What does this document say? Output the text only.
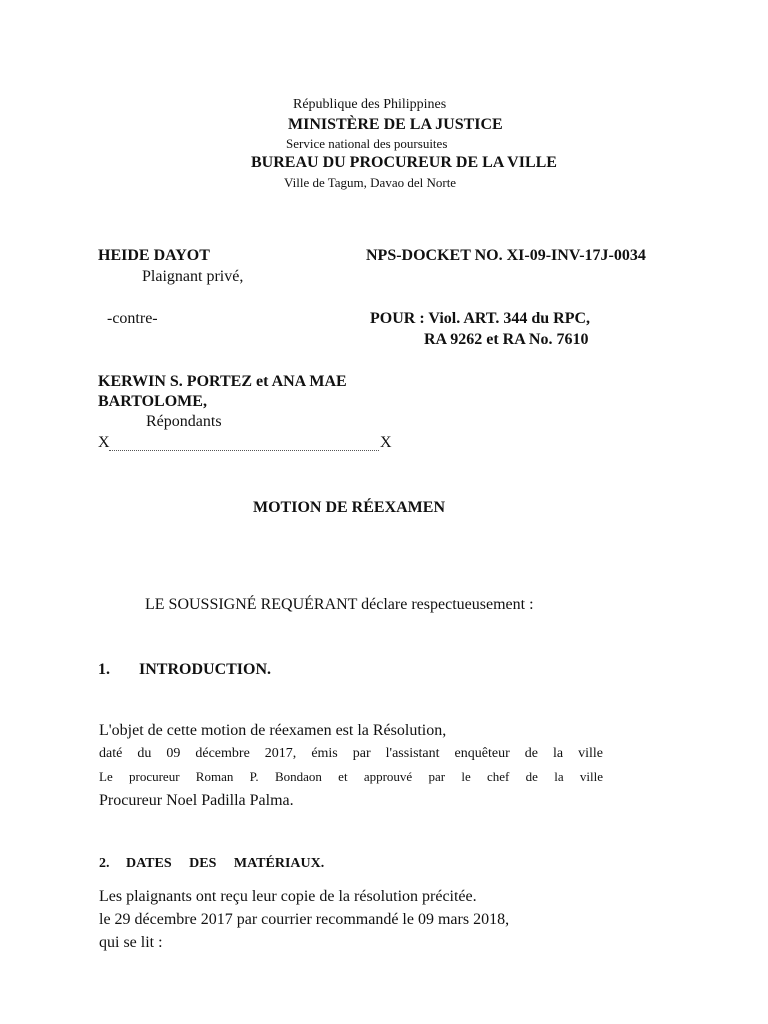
République des Philippines
MINISTÈRE DE LA JUSTICE
Service national des poursuites
BUREAU DU PROCUREUR DE LA VILLE
Ville de Tagum, Davao del Norte
HEIDE DAYOT	NPS-DOCKET NO. XI-09-INV-17J-0034
Plaignant privé,
-contre-	POUR : Viol. ART. 344 du RPC,
RA 9262 et RA No. 7610
KERWIN S. PORTEZ et ANA MAE
BARTOLOME,
Répondants
X	X
MOTION DE RÉEXAMEN
LE SOUSSIGNÉ REQUÉRANT déclare respectueusement :
1. INTRODUCTION.
L'objet de cette motion de réexamen est la Résolution,
daté du 09 décembre 2017, émis par l'assistant enquêteur de la ville
Le procureur Roman P. Bondaon et approuvé par le chef de la ville
Procureur Noel Padilla Palma.
2. DATES DES MATÉRIAUX.
Les plaignants ont reçu leur copie de la résolution précitée.
le 29 décembre 2017 par courrier recommandé le 09 mars 2018,
qui se lit :
